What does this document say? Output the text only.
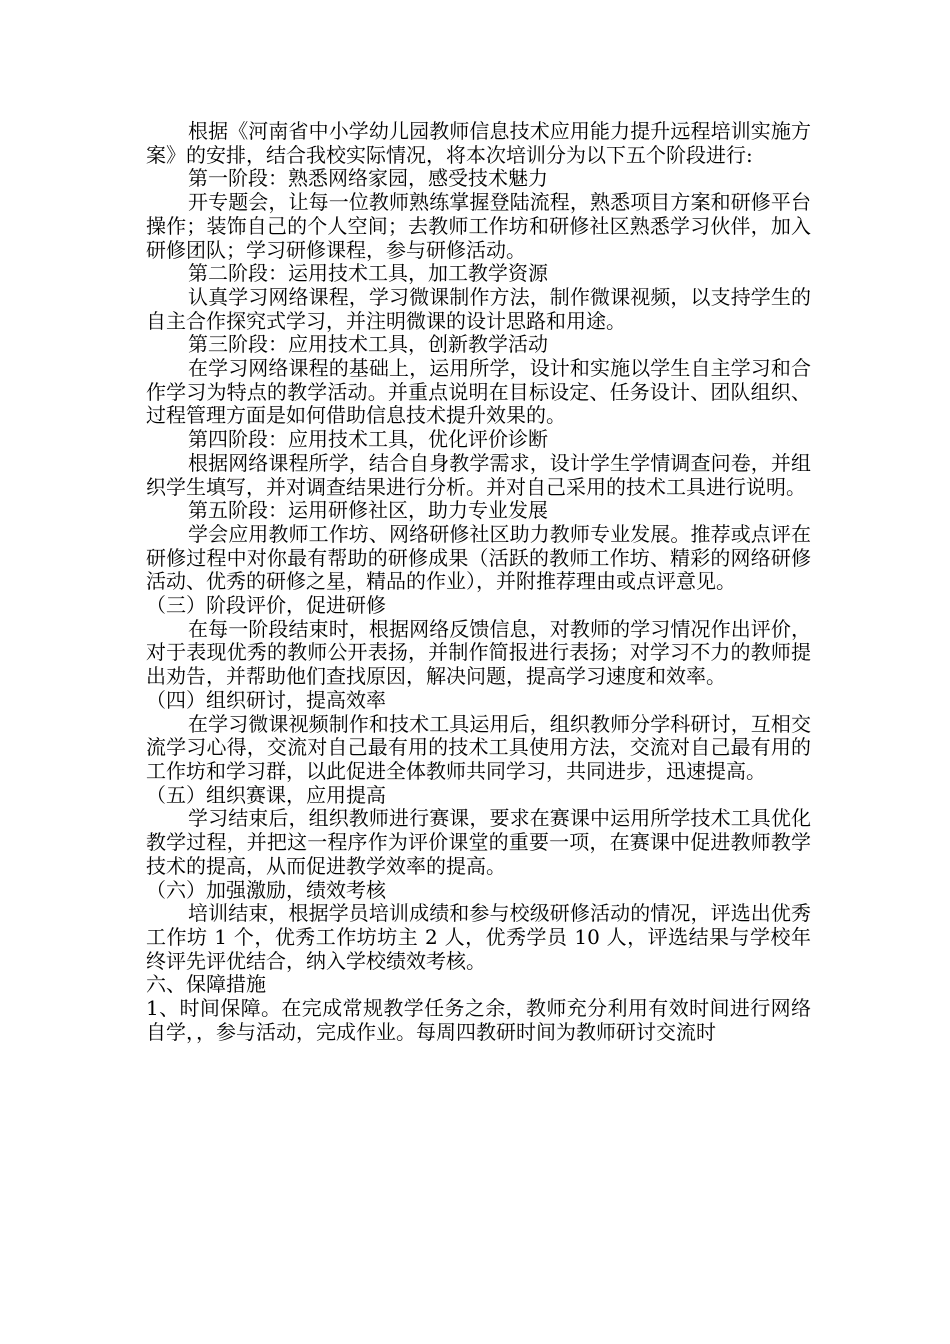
根据《河南省中小学幼儿园教师信息技术应用能力提升远程培训实施方案》的安排，结合我校实际情况，将本次培训分为以下五个阶段进行:

第一阶段：熟悉网络家园，感受技术魅力

开专题会，让每一位教师熟练掌握登陆流程，熟悉项目方案和研修平台操作；装饰自己的个人空间；去教师工作坊和研修社区熟悉学习伙伴，加入研修团队；学习研修课程，参与研修活动。

第二阶段：运用技术工具，加工教学资源

认真学习网络课程，学习微课制作方法，制作微课视频，以支持学生的自主合作探究式学习，并注明微课的设计思路和用途。

第三阶段：应用技术工具，创新教学活动

在学习网络课程的基础上，运用所学，设计和实施以学生自主学习和合作学习为特点的教学活动。并重点说明在目标设定、任务设计、团队组织、过程管理方面是如何借助信息技术提升效果的。

第四阶段：应用技术工具，优化评价诊断

根据网络课程所学，结合自身教学需求，设计学生学情调查问卷，并组织学生填写，并对调查结果进行分析。并对自己采用的技术工具进行说明。

第五阶段：运用研修社区，助力专业发展

学会应用教师工作坊、网络研修社区助力教师专业发展。推荐或点评在研修过程中对你最有帮助的研修成果（活跃的教师工作坊、精彩的网络研修活动、优秀的研修之星，精品的作业），并附推荐理由或点评意见。

（三）阶段评价，促进研修

在每一阶段结束时，根据网络反馈信息，对教师的学习情况作出评价，对于表现优秀的教师公开表扬，并制作简报进行表扬；对学习不力的教师提出劝告，并帮助他们查找原因，解决问题，提高学习速度和效率。

（四）组织研讨，提高效率

在学习微课视频制作和技术工具运用后，组织教师分学科研讨，互相交流学习心得，交流对自己最有用的技术工具使用方法，交流对自己最有用的工作坊和学习群，以此促进全体教师共同学习，共同进步，迅速提高。

（五）组织赛课，应用提高

学习结束后，组织教师进行赛课，要求在赛课中运用所学技术工具优化教学过程，并把这一程序作为评价课堂的重要一项，在赛课中促进教师教学技术的提高，从而促进教学效率的提高。

（六）加强激励，绩效考核

培训结束，根据学员培训成绩和参与校级研修活动的情况，评选出优秀工作坊 1 个，优秀工作坊坊主 2 人，优秀学员 10 人，评选结果与学校年终评先评优结合，纳入学校绩效考核。

六、保障措施

1、时间保障。在完成常规教学任务之余，教师充分利用有效时间进行网络自学，，参与活动，完成作业。每周四教研时间为教师研讨交流时
